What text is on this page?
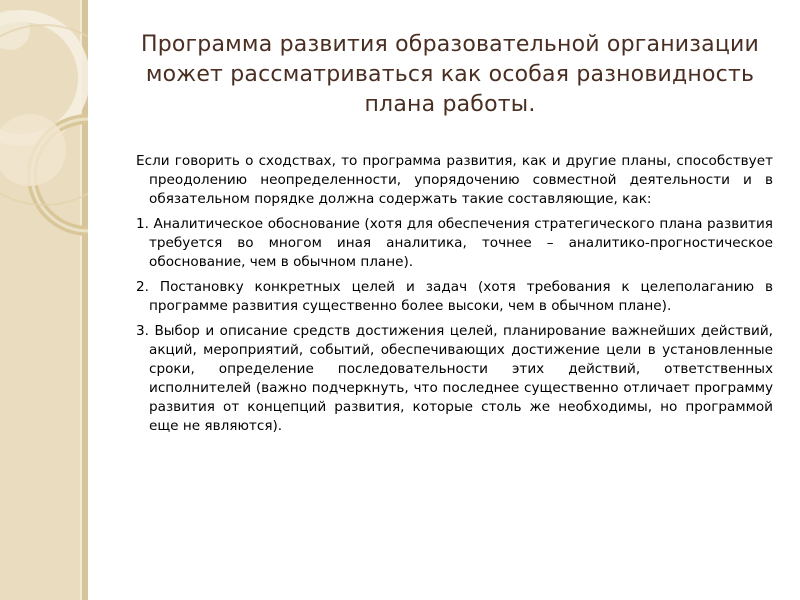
Программа развития образовательной организации может рассматриваться как особая разновидность плана работы.

Если говорить о сходствах, то программа развития, как и другие планы, способствует преодолению неопределенности, упорядочению совместной деятельности и в обязательном порядке должна содержать такие составляющие, как:

1. Аналитическое обоснование (хотя для обеспечения стратегического плана развития требуется во многом иная аналитика, точнее – аналитико-прогностическое обоснование, чем в обычном плане).

2. Постановку конкретных целей и задач (хотя требования к целеполаганию в программе развития существенно более высоки, чем в обычном плане).

3. Выбор и описание средств достижения целей, планирование важнейших действий, акций, мероприятий, событий, обеспечивающих достижение цели в установленные сроки, определение последовательности этих действий, ответственных исполнителей (важно подчеркнуть, что последнее существенно отличает программу развития от концепций развития, которые столь же необходимы, но программой еще не являются).
